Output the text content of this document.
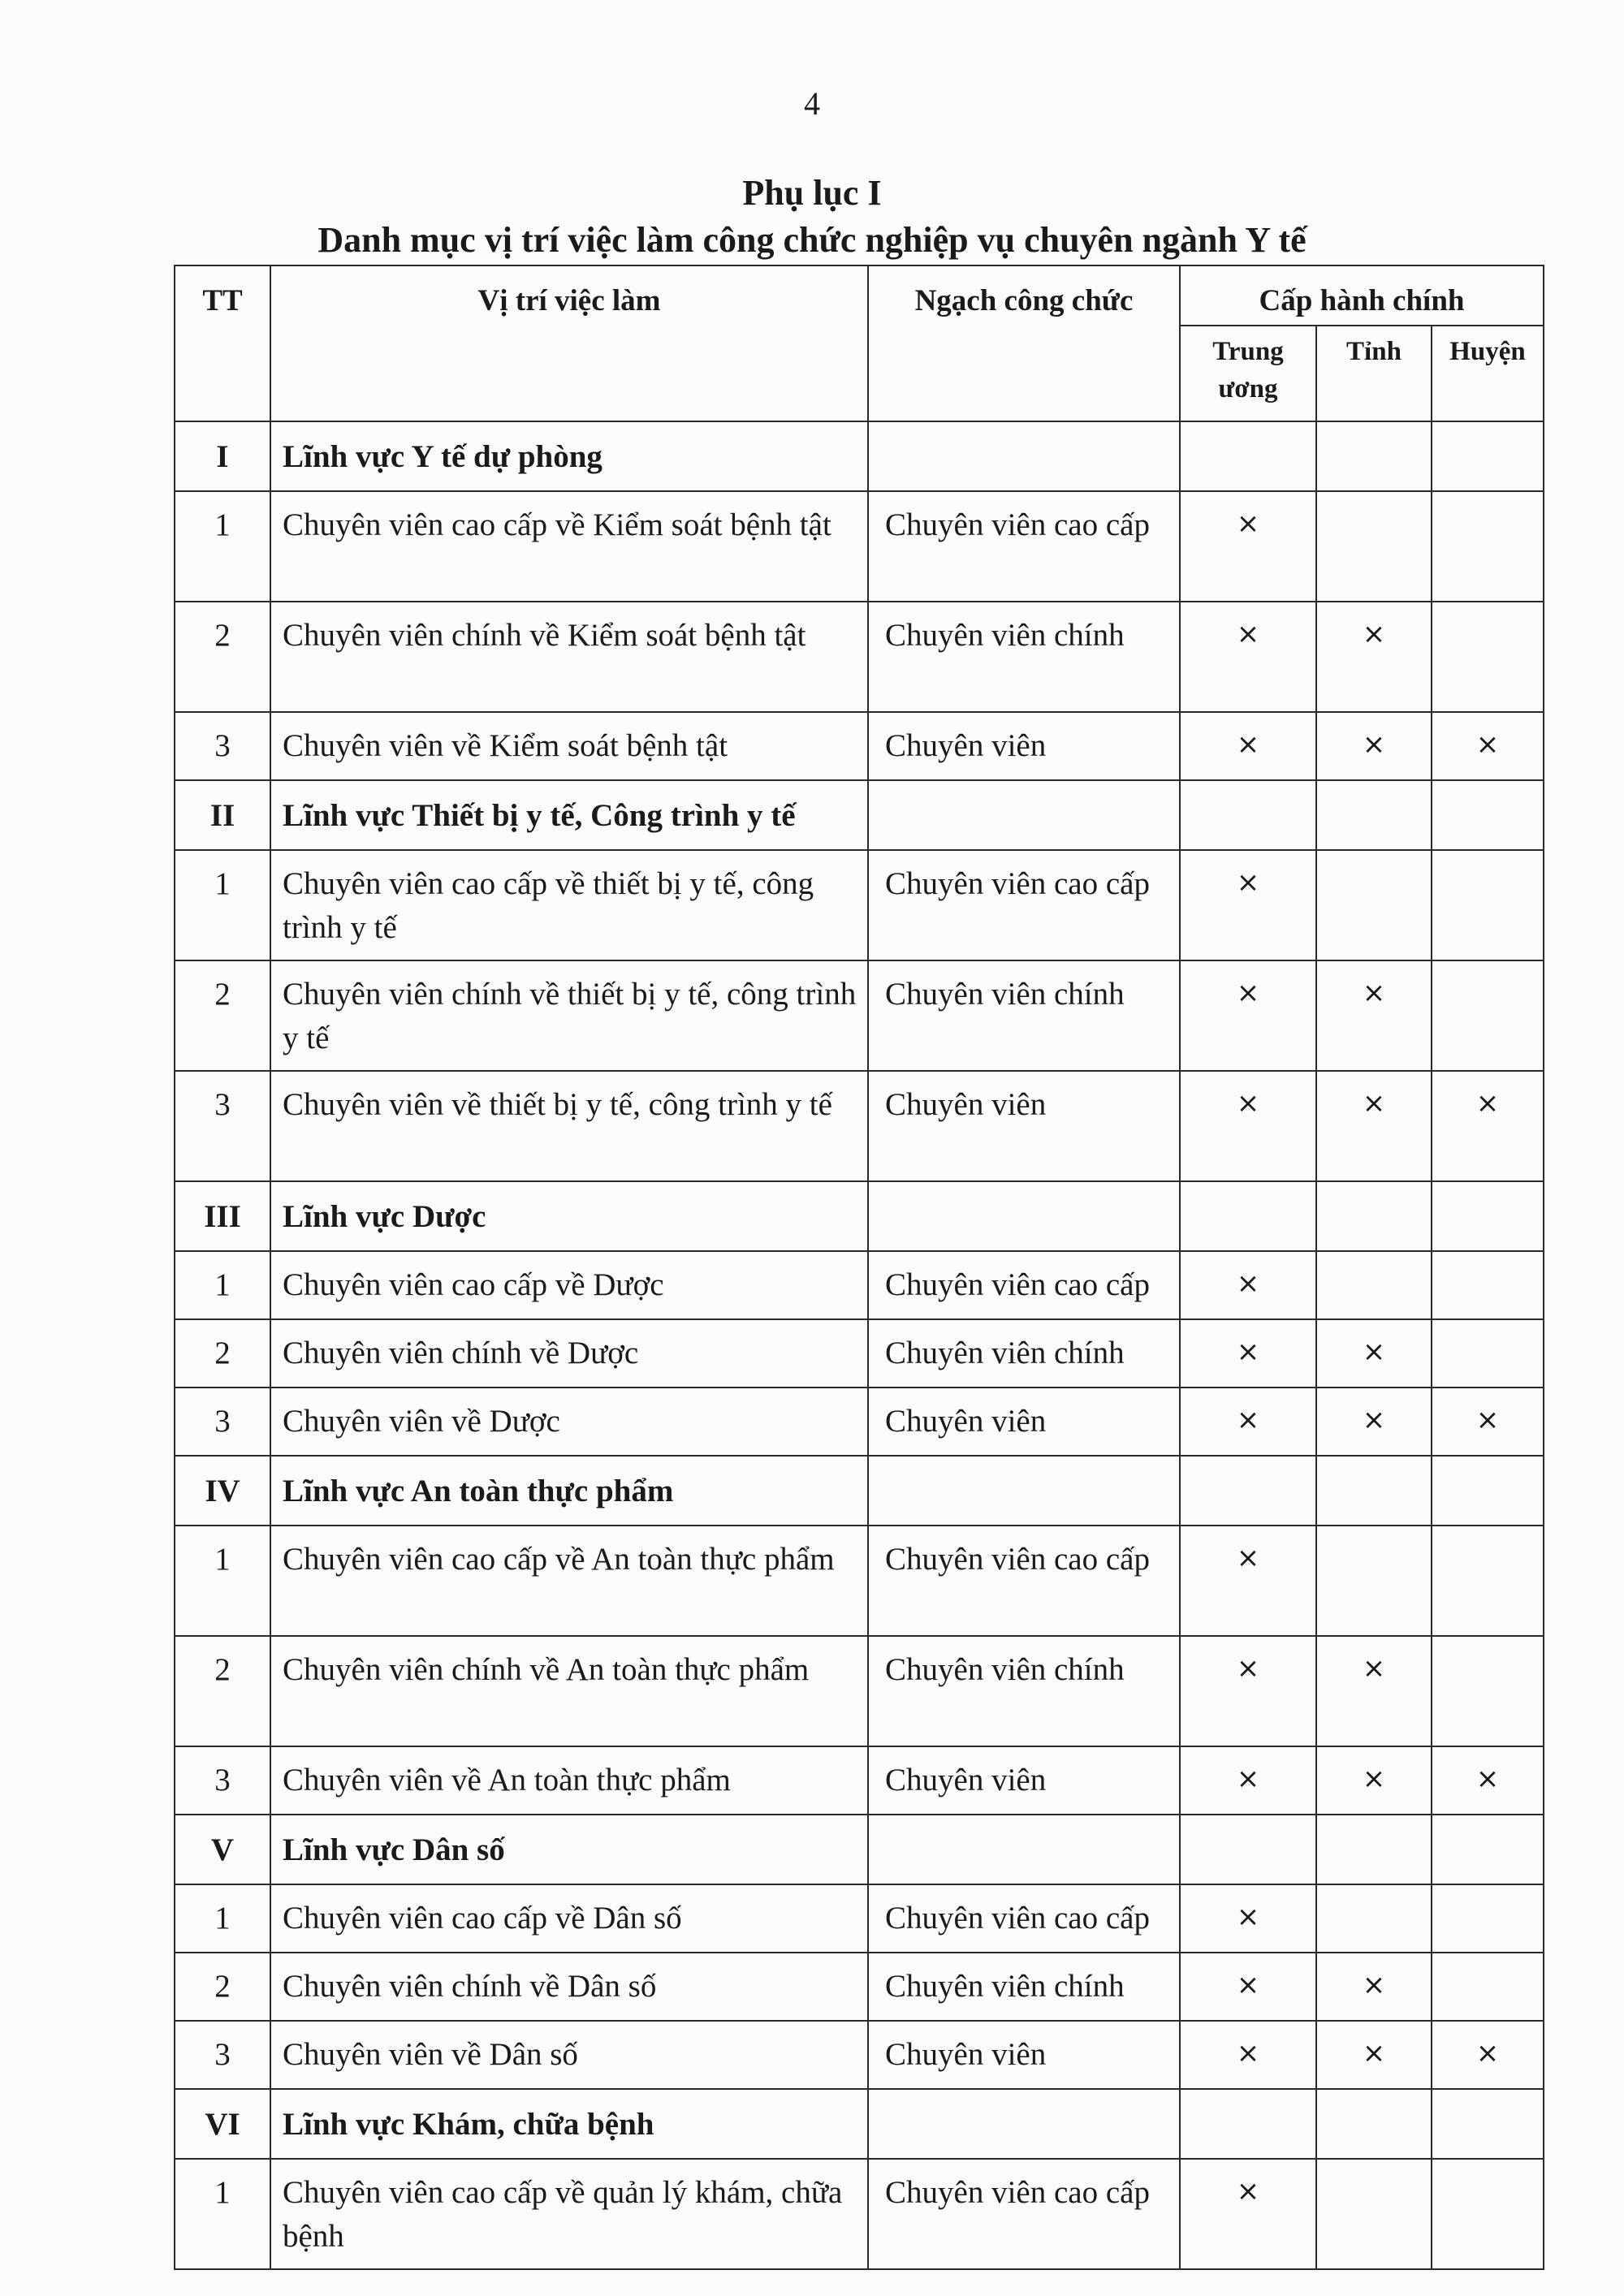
4
Phụ lục I
Danh mục vị trí việc làm công chức nghiệp vụ chuyên ngành Y tế
TT	Vị trí việc làm	Ngạch công chức	Cấp hành chính		
			Trung ương	Tỉnh	Huyện
I	Lĩnh vực Y tế dự phòng				
1	Chuyên viên cao cấp về Kiểm soát bệnh tật	Chuyên viên cao cấp	×		
2	Chuyên viên chính về Kiểm soát bệnh tật	Chuyên viên chính	×	×	
3	Chuyên viên về Kiểm soát bệnh tật	Chuyên viên	×	×	×
II	Lĩnh vực Thiết bị y tế, Công trình y tế				
1	Chuyên viên cao cấp về thiết bị y tế, công trình y tế	Chuyên viên cao cấp	×		
2	Chuyên viên chính về thiết bị y tế, công trình y tế	Chuyên viên chính	×	×	
3	Chuyên viên về thiết bị y tế, công trình y tế	Chuyên viên	×	×	×
III	Lĩnh vực Dược				
1	Chuyên viên cao cấp về Dược	Chuyên viên cao cấp	×		
2	Chuyên viên chính về Dược	Chuyên viên chính	×	×	
3	Chuyên viên về Dược	Chuyên viên	×	×	×
IV	Lĩnh vực An toàn thực phẩm				
1	Chuyên viên cao cấp về An toàn thực phẩm	Chuyên viên cao cấp	×		
2	Chuyên viên chính về An toàn thực phẩm	Chuyên viên chính	×	×	
3	Chuyên viên về An toàn thực phẩm	Chuyên viên	×	×	×
V	Lĩnh vực Dân số				
1	Chuyên viên cao cấp về Dân số	Chuyên viên cao cấp	×		
2	Chuyên viên chính về Dân số	Chuyên viên chính	×	×	
3	Chuyên viên về Dân số	Chuyên viên	×	×	×
VI	Lĩnh vực Khám, chữa bệnh				
1	Chuyên viên cao cấp về quản lý khám, chữa bệnh	Chuyên viên cao cấp	×		
